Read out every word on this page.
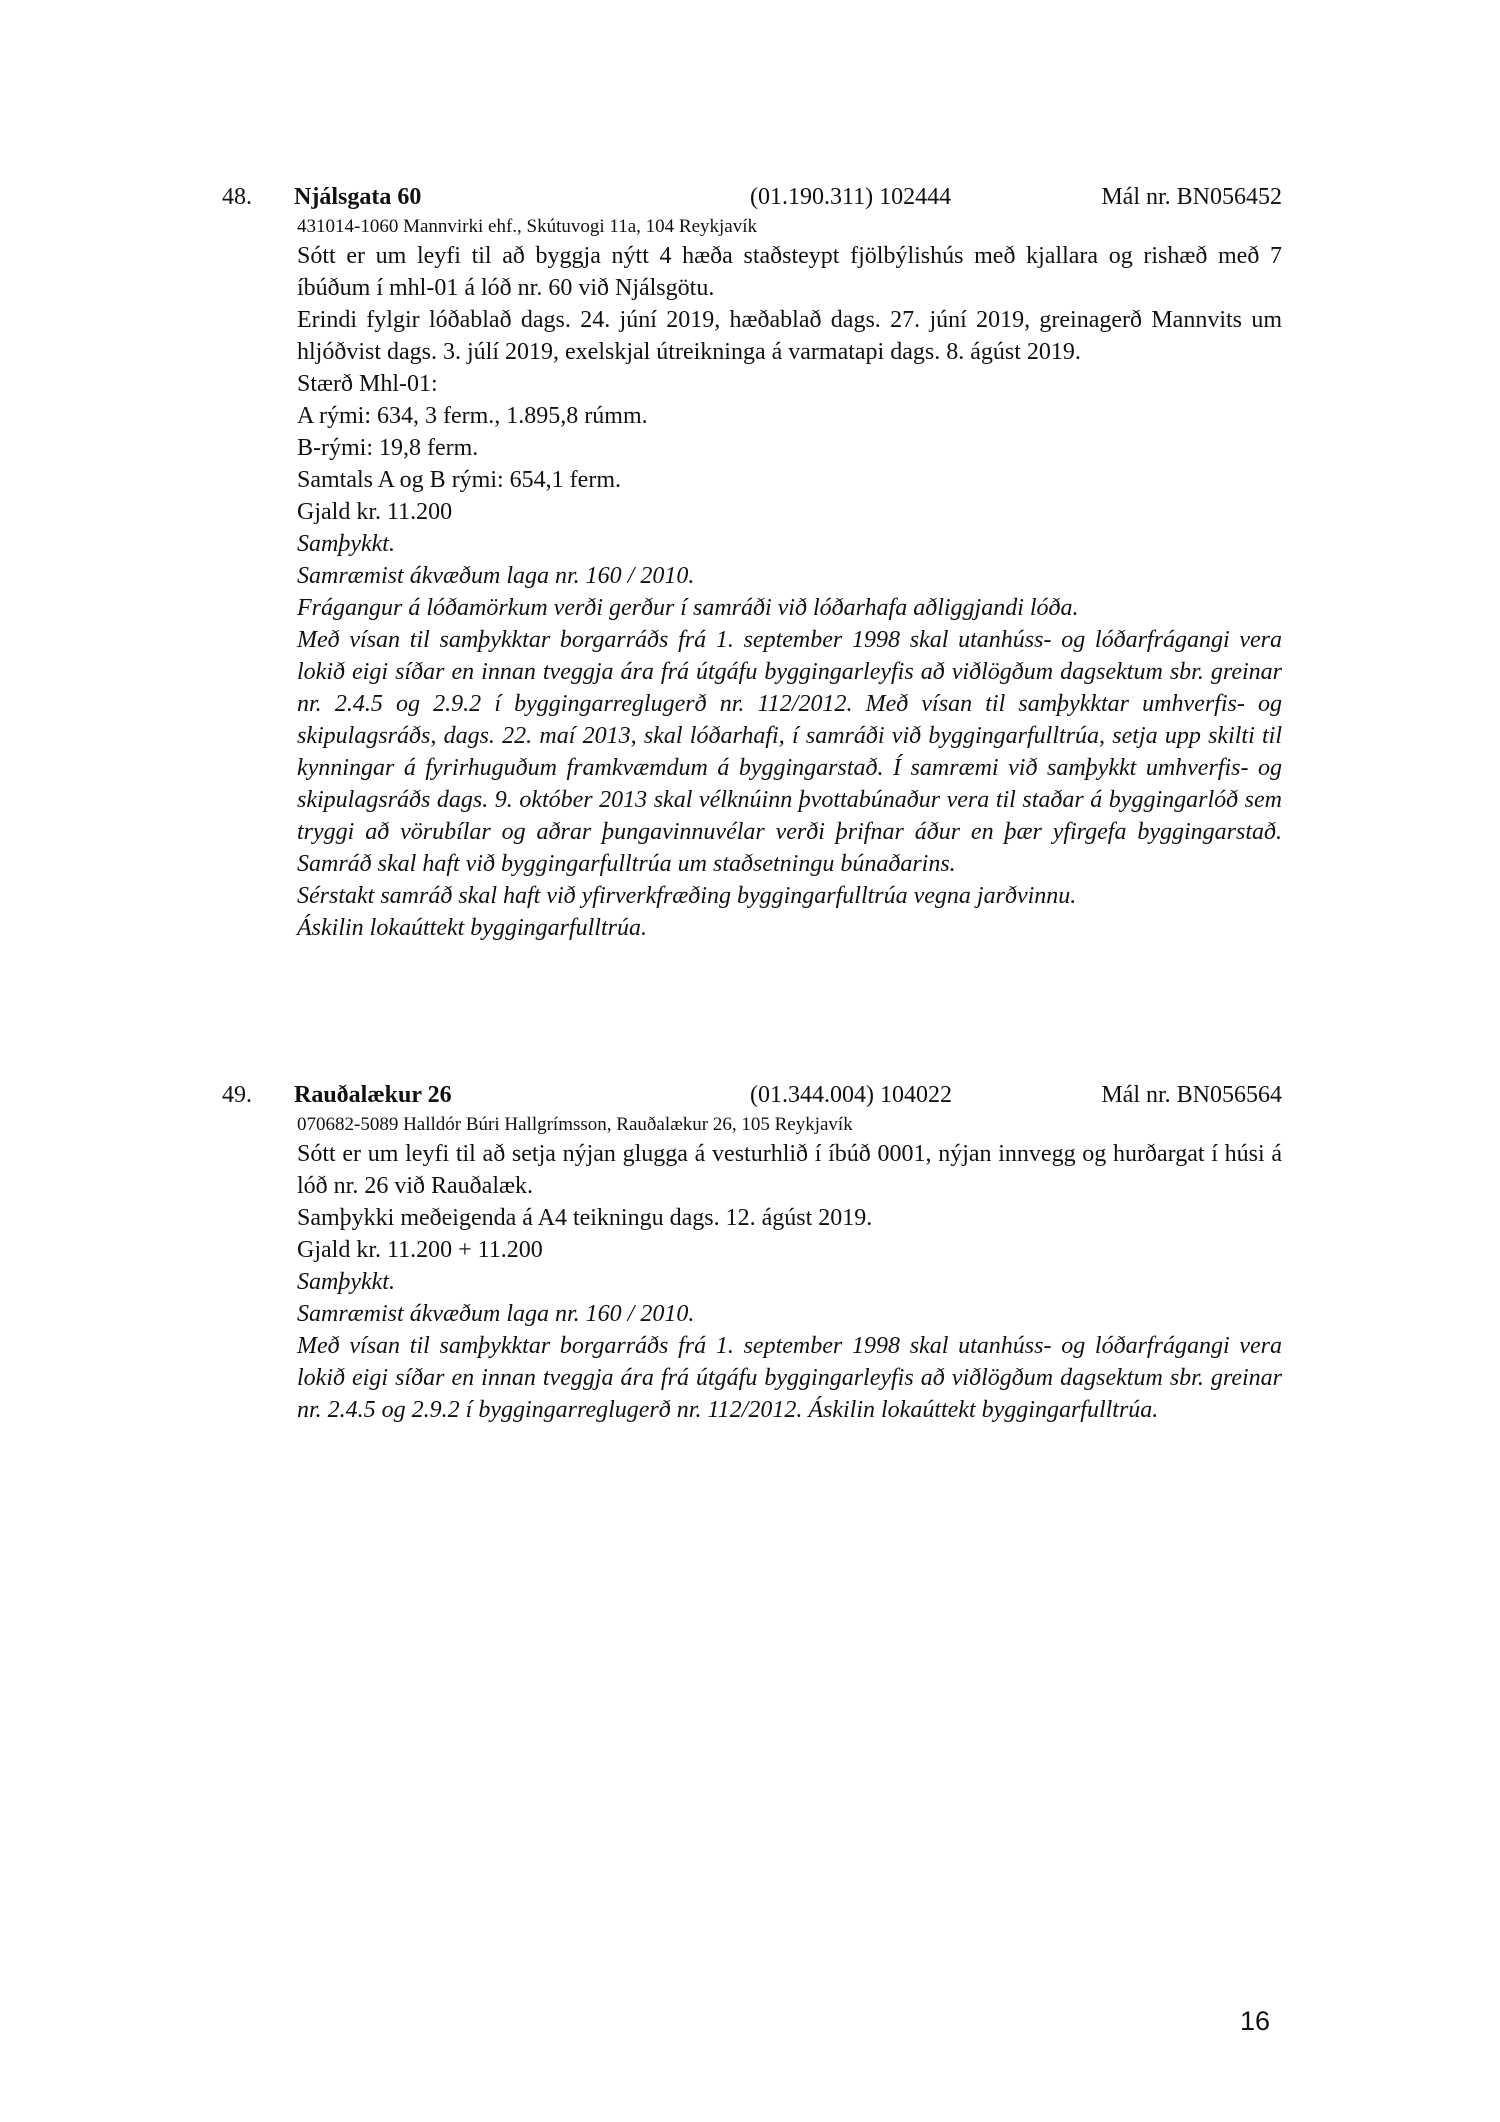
48. Njálsgata 60	(01.190.311) 102444	Mál nr. BN056452
431014-1060 Mannvirki ehf., Skútuvogi 11a, 104 Reykjavík
Sótt er um leyfi til að byggja nýtt 4 hæða staðsteypt fjölbýlishús með kjallara og rishæð með 7 íbúðum í mhl-01 á lóð nr. 60 við Njálsgötu.
Erindi fylgir lóðablað dags. 24. júní 2019, hæðablað dags. 27. júní 2019, greinagerð Mannvits um hljóðvist dags. 3. júlí 2019, exelskjal útreikninga á varmatapi dags. 8. ágúst 2019.
Stærð Mhl-01:
A rými: 634, 3 ferm., 1.895,8 rúmm.
B-rými: 19,8 ferm.
Samtals A og B rými: 654,1 ferm.
Gjald kr. 11.200
Samþykkt.
Samræmist ákvæðum laga nr. 160 / 2010.
Frágangur á lóðamörkum verði gerður í samráði við lóðarhafa aðliggjandi lóða.
Með vísan til samþykktar borgarráðs frá 1. september 1998 skal utanhúss- og lóðarfrágangi vera lokið eigi síðar en innan tveggja ára frá útgáfu byggingarleyfis að viðlögðum dagsektum sbr. greinar nr. 2.4.5 og 2.9.2 í byggingarreglugerð nr. 112/2012. Með vísan til samþykktar umhverfis- og skipulagsráðs, dags. 22. maí 2013, skal lóðarhafi, í samráði við byggingarfulltrúa, setja upp skilti til kynningar á fyrirhuguðum framkvæmdum á byggingarstað. Í samræmi við samþykkt umhverfis- og skipulagsráðs dags. 9. október 2013 skal vélknúinn þvottabúnaður vera til staðar á byggingarlóð sem tryggi að vörubílar og aðrar þungavinnuvélar verði þrifnar áður en þær yfirgefa byggingarstað. Samráð skal haft við byggingarfulltrúa um staðsetningu búnaðarins.
Sérstakt samráð skal haft við yfirverkfræðing byggingarfulltrúa vegna jarðvinnu.
Áskilin lokaúttekt byggingarfulltrúa.
49. Rauðalækur 26	(01.344.004) 104022	Mál nr. BN056564
070682-5089 Halldór Búri Hallgrímsson, Rauðalækur 26, 105 Reykjavík
Sótt er um leyfi til að setja nýjan glugga á vesturhlið í íbúð 0001, nýjan innvegg og hurðargat í húsi á lóð nr. 26 við Rauðalæk.
Samþykki meðeigenda á A4 teikningu dags. 12. ágúst 2019.
Gjald kr. 11.200 + 11.200
Samþykkt.
Samræmist ákvæðum laga nr. 160 / 2010.
Með vísan til samþykktar borgarráðs frá 1. september 1998 skal utanhúss- og lóðarfrágangi vera lokið eigi síðar en innan tveggja ára frá útgáfu byggingarleyfis að viðlögðum dagsektum sbr. greinar nr. 2.4.5 og 2.9.2 í byggingarreglugerð nr. 112/2012. Áskilin lokaúttekt byggingarfulltrúa.
16
